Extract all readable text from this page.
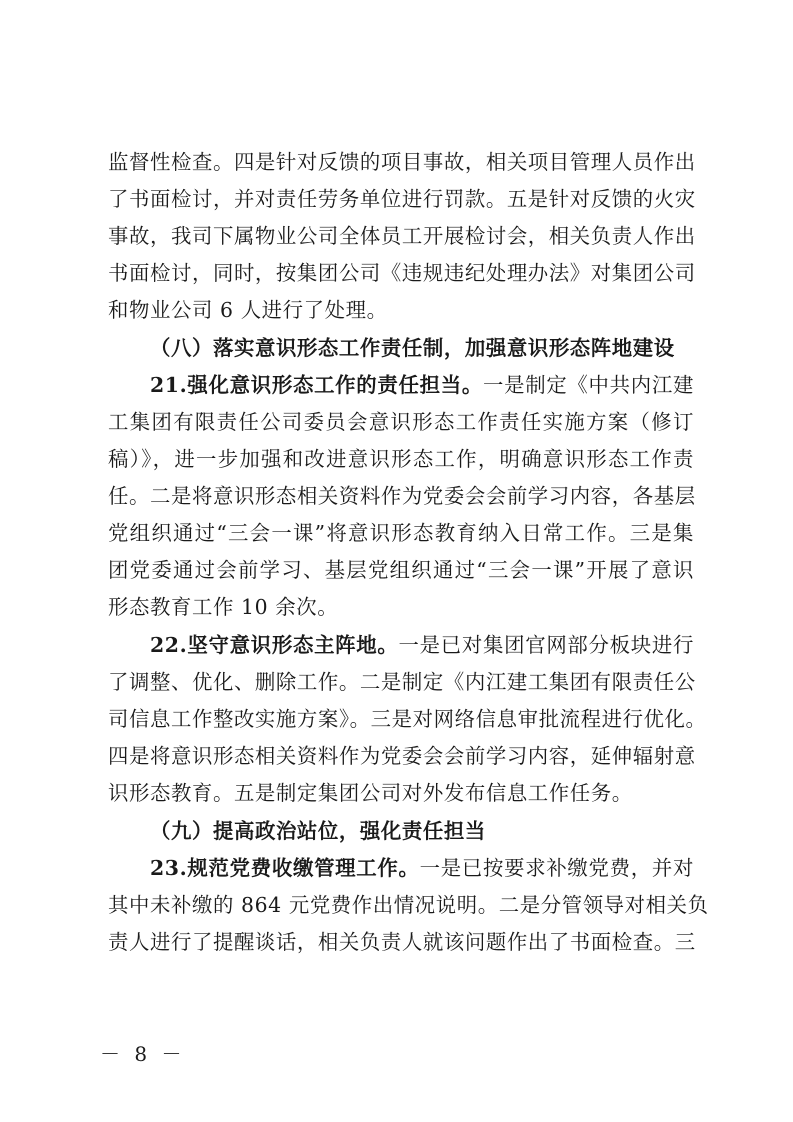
监督性检查。四是针对反馈的项目事故，相关项目管理人员作出
了书面检讨，并对责任劳务单位进行罚款。五是针对反馈的火灾
事故，我司下属物业公司全体员工开展检讨会，相关负责人作出
书面检讨，同时，按集团公司《违规违纪处理办法》对集团公司
和物业公司 6 人进行了处理。
（八）落实意识形态工作责任制，加强意识形态阵地建设
21.强化意识形态工作的责任担当。一是制定《中共内江建
工集团有限责任公司委员会意识形态工作责任实施方案（修订
稿）》，进一步加强和改进意识形态工作，明确意识形态工作责
任。二是将意识形态相关资料作为党委会会前学习内容，各基层
党组织通过“三会一课”将意识形态教育纳入日常工作。三是集
团党委通过会前学习、基层党组织通过“三会一课”开展了意识
形态教育工作 10 余次。
22.坚守意识形态主阵地。一是已对集团官网部分板块进行
了调整、优化、删除工作。二是制定《内江建工集团有限责任公
司信息工作整改实施方案》。三是对网络信息审批流程进行优化。
四是将意识形态相关资料作为党委会会前学习内容，延伸辐射意
识形态教育。五是制定集团公司对外发布信息工作任务。
（九）提高政治站位，强化责任担当
23.规范党费收缴管理工作。一是已按要求补缴党费，并对
其中未补缴的 864 元党费作出情况说明。二是分管领导对相关负
责人进行了提醒谈话，相关负责人就该问题作出了书面检查。三
－ 8 －
